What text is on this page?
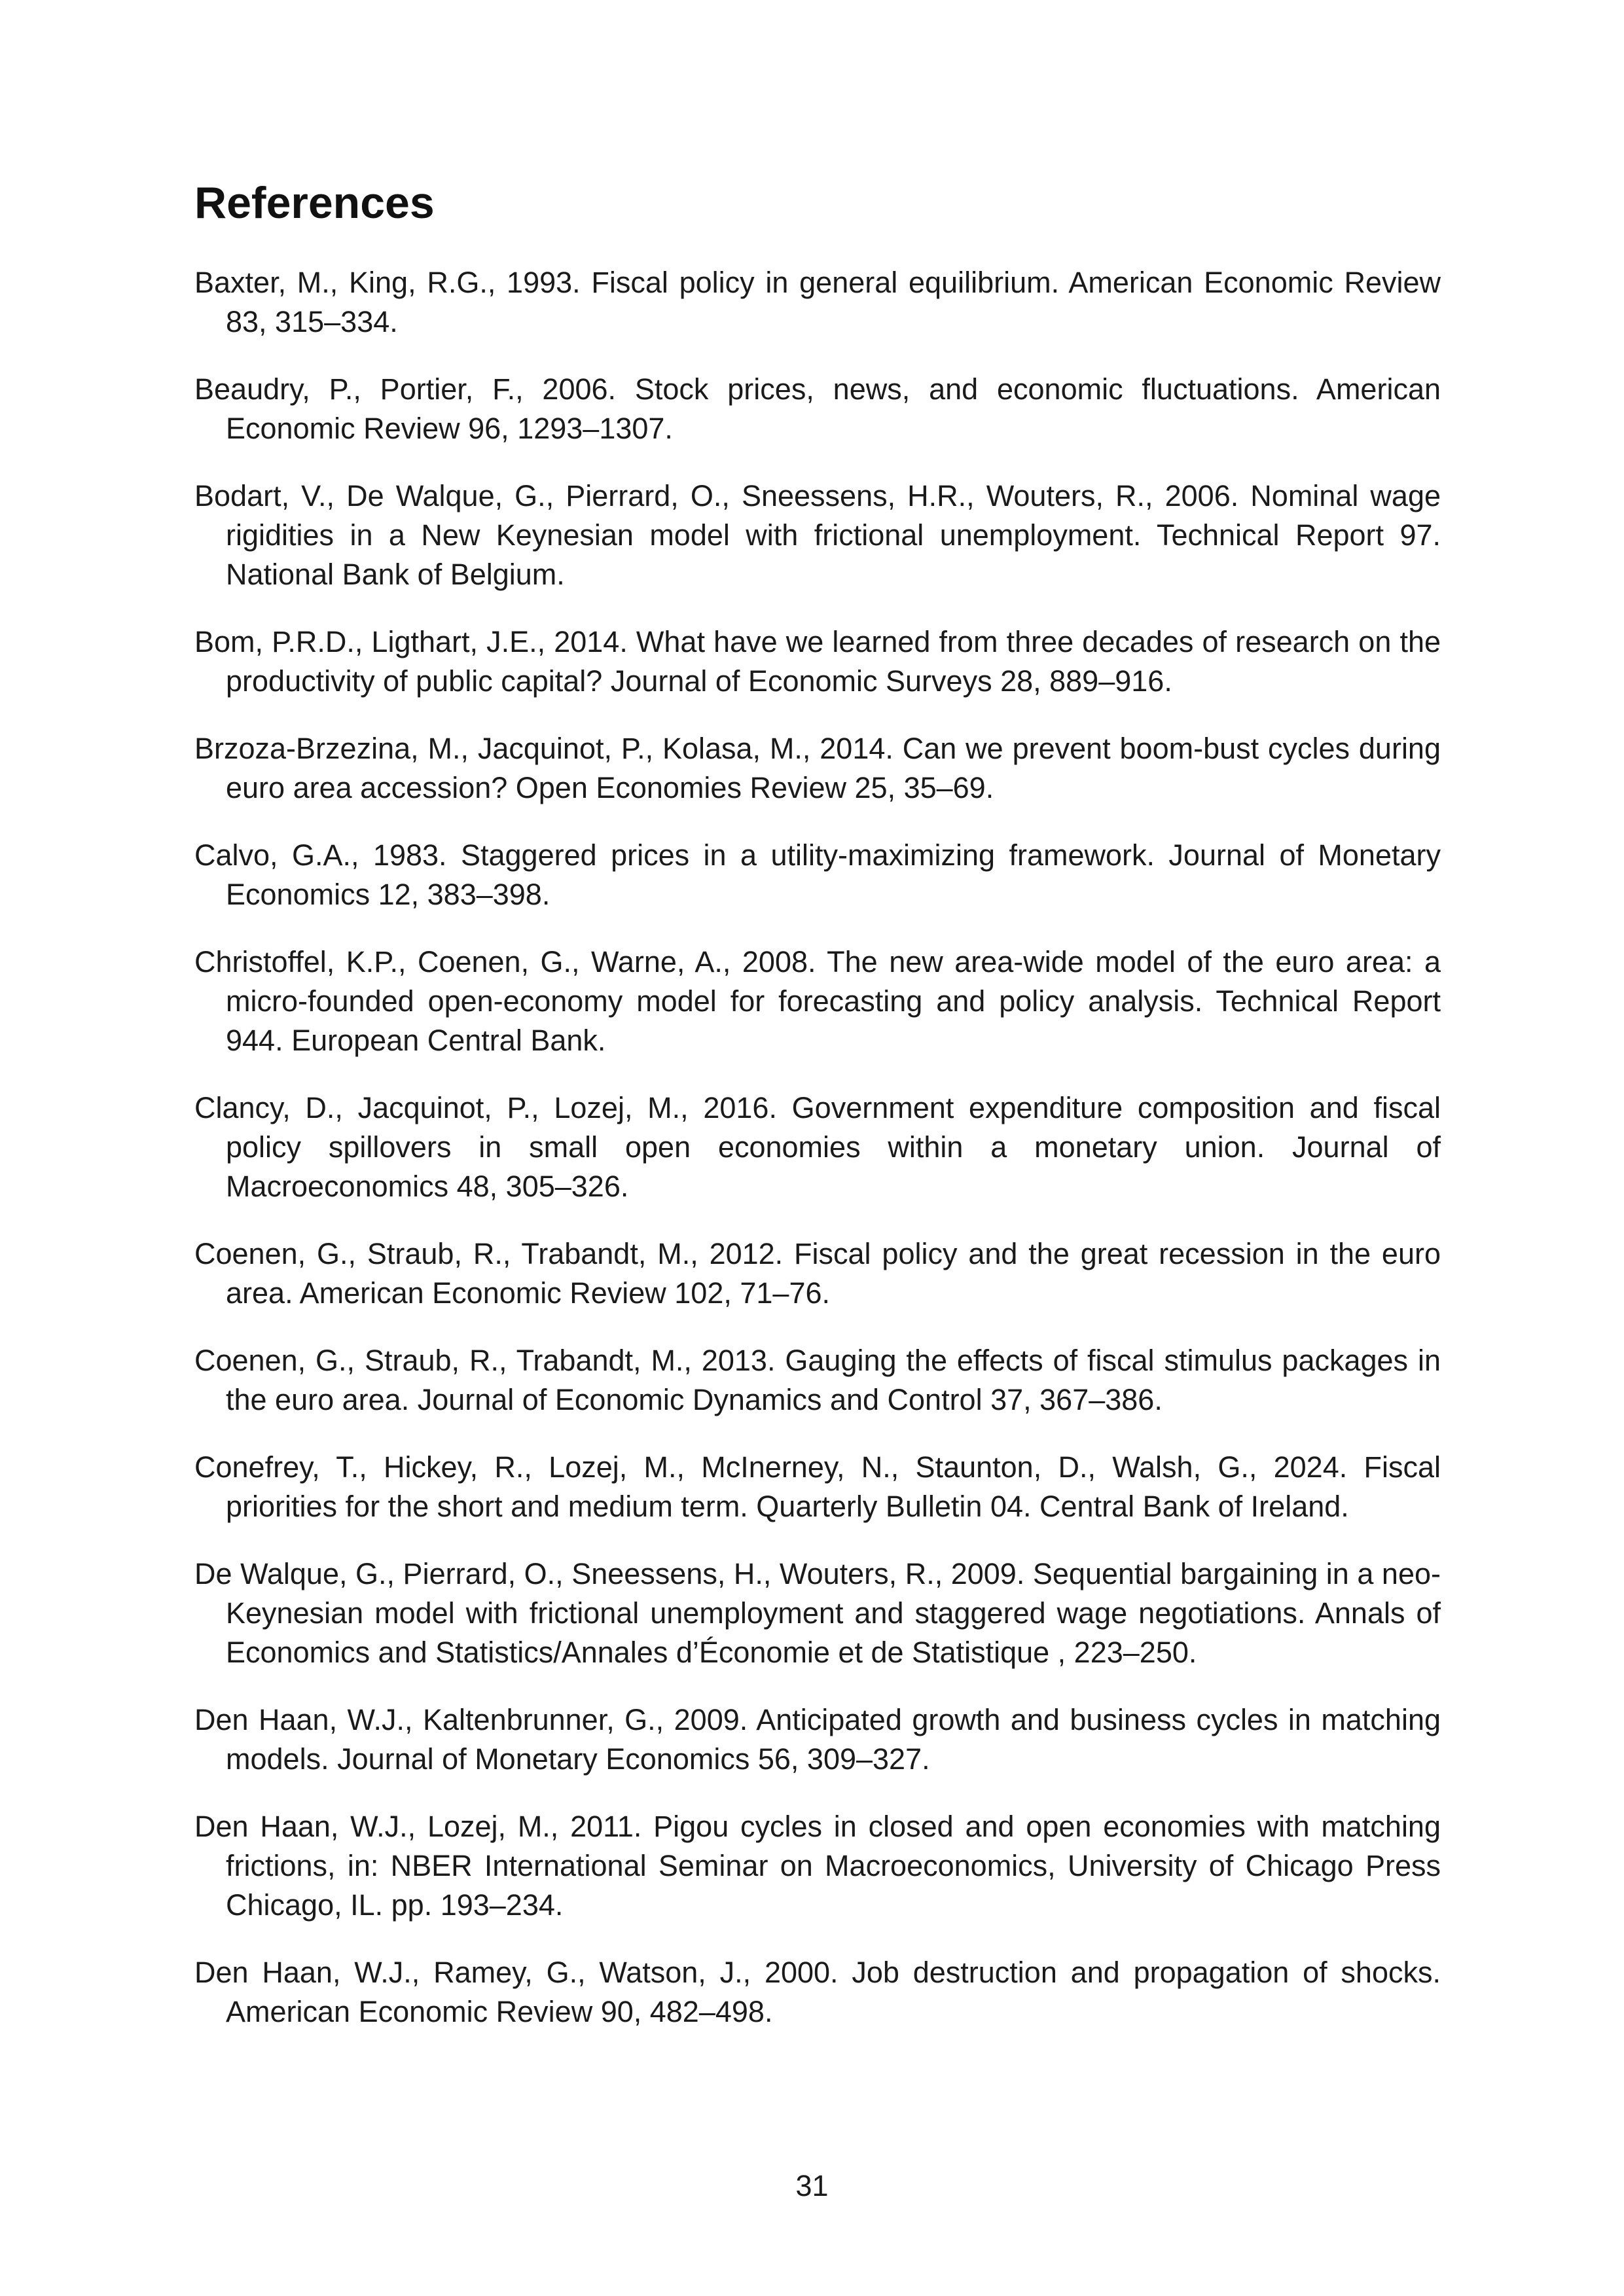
References

Baxter, M., King, R.G., 1993. Fiscal policy in general equilibrium. American Economic Review 83, 315–334.

Beaudry, P., Portier, F., 2006. Stock prices, news, and economic fluctuations. American Economic Review 96, 1293–1307.

Bodart, V., De Walque, G., Pierrard, O., Sneessens, H.R., Wouters, R., 2006. Nominal wage rigidities in a New Keynesian model with frictional unemployment. Technical Report 97. National Bank of Belgium.

Bom, P.R.D., Ligthart, J.E., 2014. What have we learned from three decades of research on the productivity of public capital? Journal of Economic Surveys 28, 889–916.

Brzoza-Brzezina, M., Jacquinot, P., Kolasa, M., 2014. Can we prevent boom-bust cycles during euro area accession? Open Economies Review 25, 35–69.

Calvo, G.A., 1983. Staggered prices in a utility-maximizing framework. Journal of Monetary Economics 12, 383–398.

Christoffel, K.P., Coenen, G., Warne, A., 2008. The new area-wide model of the euro area: a micro-founded open-economy model for forecasting and policy analysis. Technical Report 944. European Central Bank.

Clancy, D., Jacquinot, P., Lozej, M., 2016. Government expenditure composition and fiscal policy spillovers in small open economies within a monetary union. Journal of Macroeconomics 48, 305–326.

Coenen, G., Straub, R., Trabandt, M., 2012. Fiscal policy and the great recession in the euro area. American Economic Review 102, 71–76.

Coenen, G., Straub, R., Trabandt, M., 2013. Gauging the effects of fiscal stimulus packages in the euro area. Journal of Economic Dynamics and Control 37, 367–386.

Conefrey, T., Hickey, R., Lozej, M., McInerney, N., Staunton, D., Walsh, G., 2024. Fiscal priorities for the short and medium term. Quarterly Bulletin 04. Central Bank of Ireland.

De Walque, G., Pierrard, O., Sneessens, H., Wouters, R., 2009. Sequential bargaining in a neo-Keynesian model with frictional unemployment and staggered wage negotiations. Annals of Economics and Statistics/Annales d’Économie et de Statistique , 223–250.

Den Haan, W.J., Kaltenbrunner, G., 2009. Anticipated growth and business cycles in matching models. Journal of Monetary Economics 56, 309–327.

Den Haan, W.J., Lozej, M., 2011. Pigou cycles in closed and open economies with matching frictions, in: NBER International Seminar on Macroeconomics, University of Chicago Press Chicago, IL. pp. 193–234.

Den Haan, W.J., Ramey, G., Watson, J., 2000. Job destruction and propagation of shocks. American Economic Review 90, 482–498.

31
